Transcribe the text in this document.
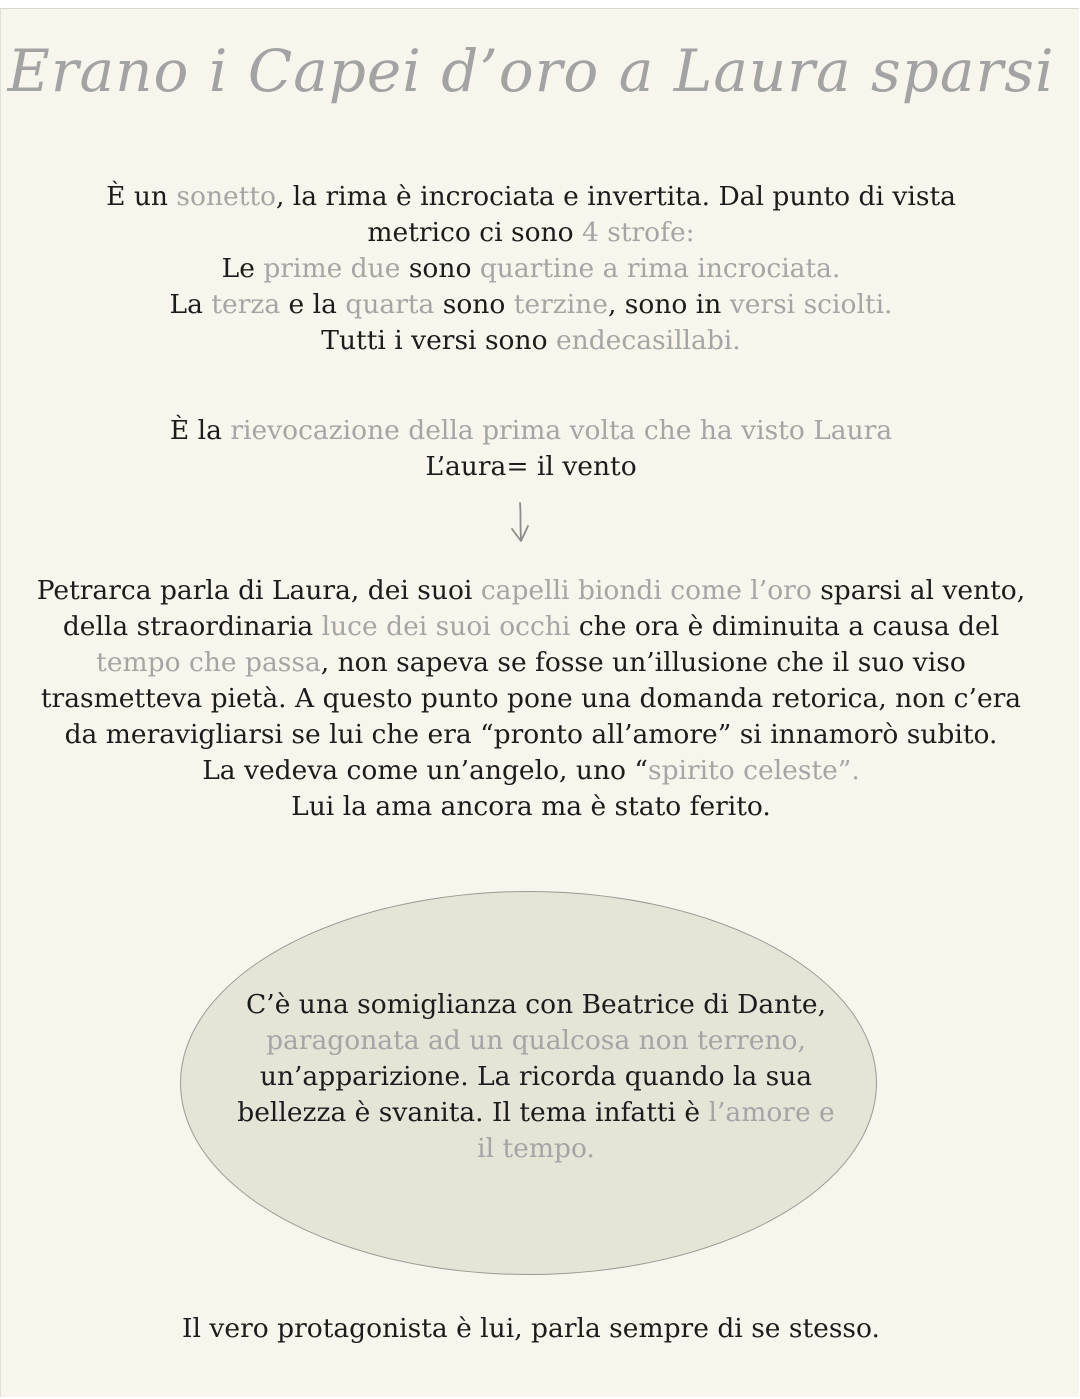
Erano i Capei d’oro a Laura sparsi
È un sonetto, la rima è incrociata e invertita. Dal punto di vista metrico ci sono 4 strofe:
Le prime due sono quartine a rima incrociata.
La terza e la quarta sono terzine, sono in versi sciolti.
Tutti i versi sono endecasillabi.
È la rievocazione della prima volta che ha visto Laura
L’aura= il vento
Petrarca parla di Laura, dei suoi capelli biondi come l’oro sparsi al vento, della straordinaria luce dei suoi occhi che ora è diminuita a causa del tempo che passa, non sapeva se fosse un’illusione che il suo viso trasmetteva pietà. A questo punto pone una domanda retorica, non c’era da meravigliarsi se lui che era “pronto all’amore” si innamorò subito.
La vedeva come un’angelo, uno “spirito celeste”.
Lui la ama ancora ma è stato ferito.
C’è una somiglianza con Beatrice di Dante, paragonata ad un qualcosa non terreno, un’apparizione. La ricorda quando la sua bellezza è svanita. Il tema infatti è l’amore e il tempo.
Il vero protagonista è lui, parla sempre di se stesso.
